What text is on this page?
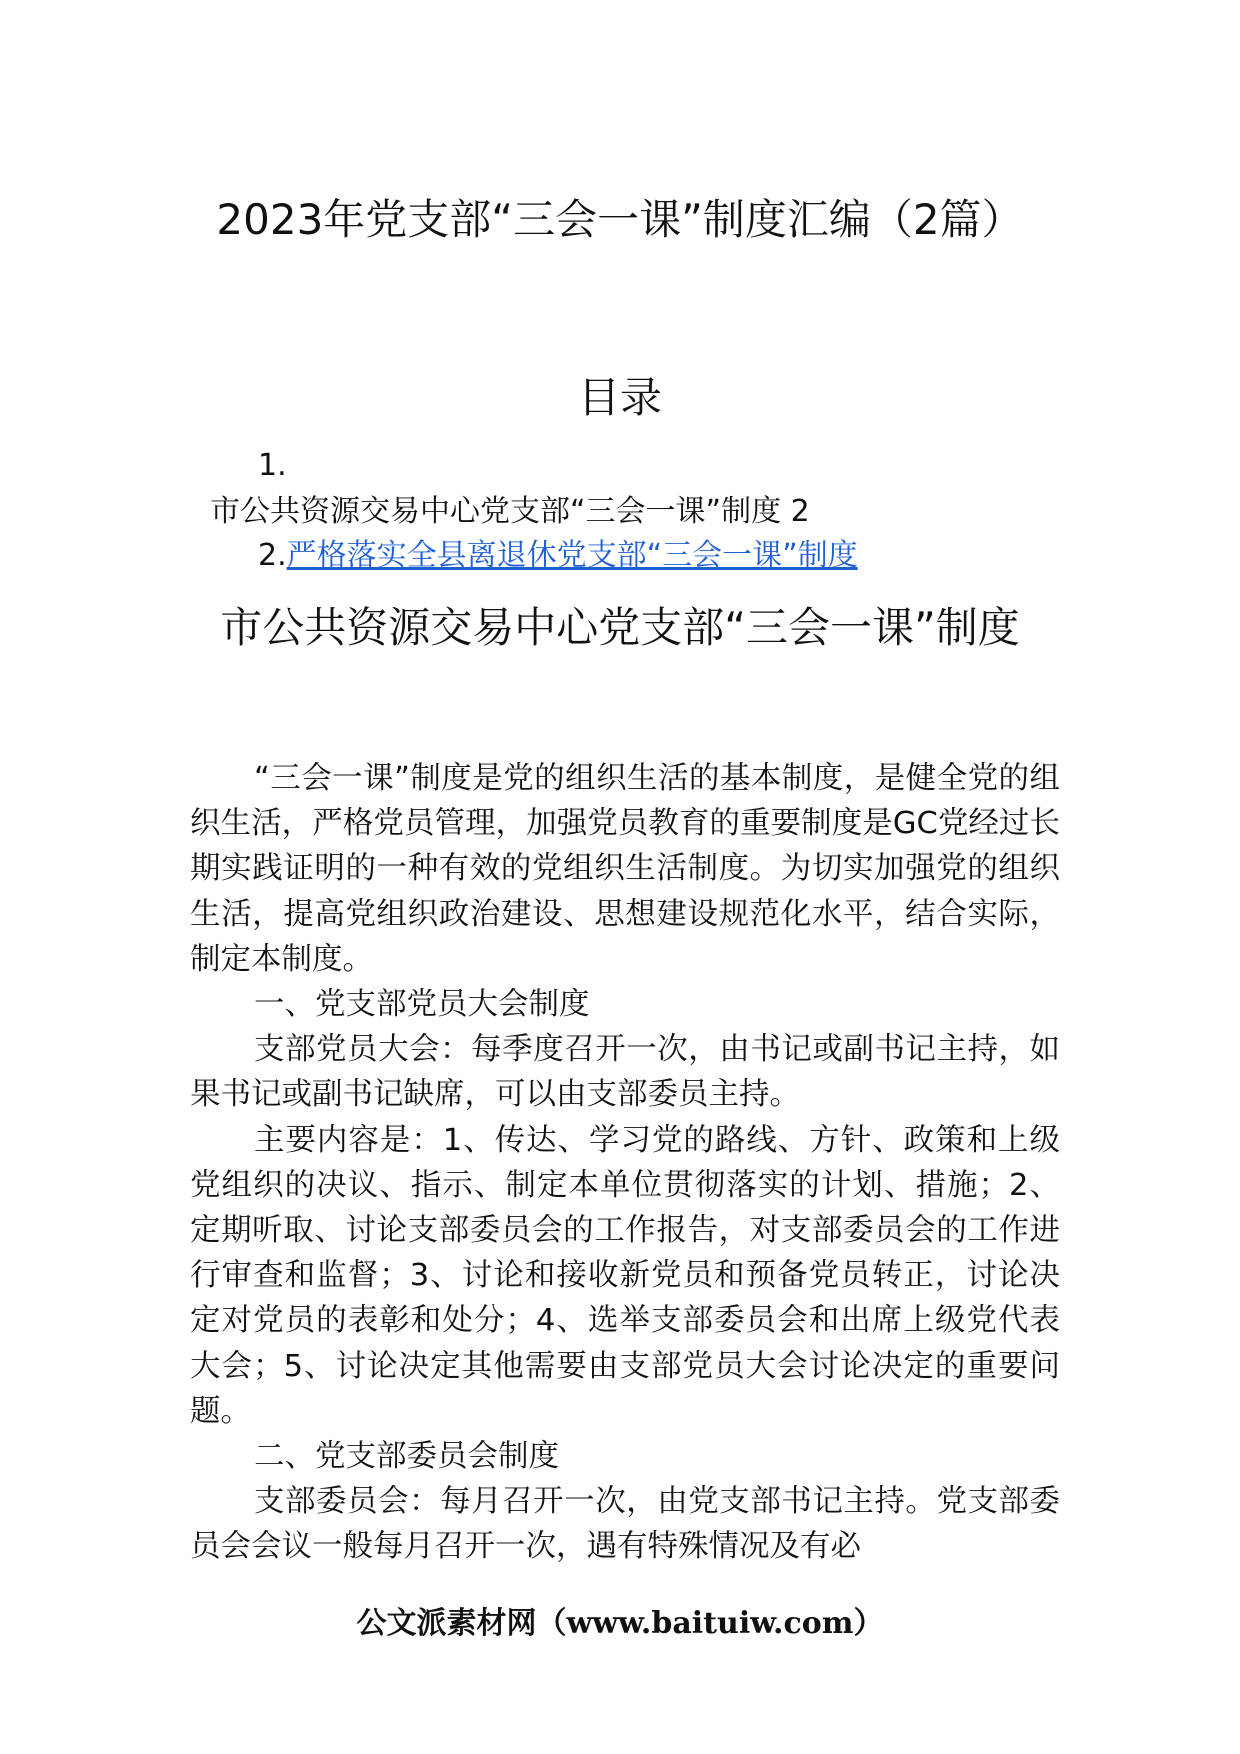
2023年党支部“三会一课”制度汇编（2篇）
目录
1.
市公共资源交易中心党支部“三会一课”制度 2
2.严格落实全县离退休党支部“三会一课”制度
市公共资源交易中心党支部“三会一课”制度

“三会一课”制度是党的组织生活的基本制度，是健全党的组织生活，严格党员管理，加强党员教育的重要制度是GC党经过长期实践证明的一种有效的党组织生活制度。为切实加强党的组织生活，提高党组织政治建设、思想建设规范化水平，结合实际，制定本制度。

一、党支部党员大会制度

支部党员大会：每季度召开一次，由书记或副书记主持，如果书记或副书记缺席，可以由支部委员主持。

主要内容是：1、传达、学习党的路线、方针、政策和上级党组织的决议、指示、制定本单位贯彻落实的计划、措施；2、定期听取、讨论支部委员会的工作报告，对支部委员会的工作进行审查和监督；3、讨论和接收新党员和预备党员转正，讨论决定对党员的表彰和处分；4、选举支部委员会和出席上级党代表大会；5、讨论决定其他需要由支部党员大会讨论决定的重要问题。

二、党支部委员会制度

支部委员会：每月召开一次，由党支部书记主持。党支部委员会会议一般每月召开一次，遇有特殊情况及有必

公文派素材网（www.baituiw.com）
